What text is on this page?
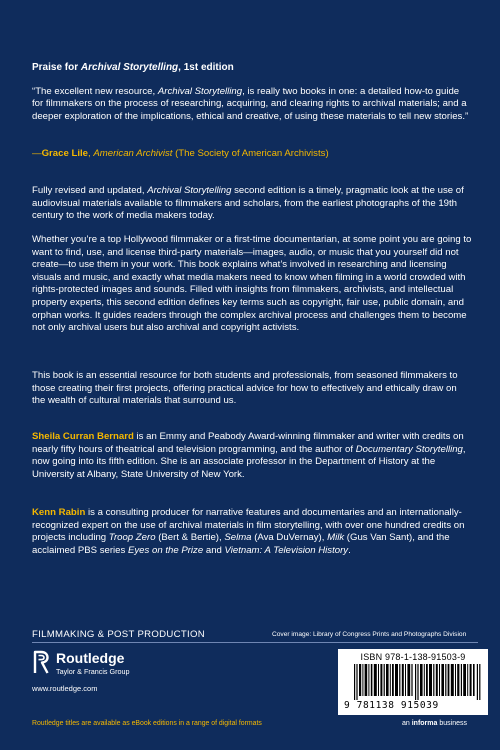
Praise for Archival Storytelling, 1st edition
“The excellent new resource, Archival Storytelling, is really two books in one: a detailed how-to guide for filmmakers on the process of researching, acquiring, and clearing rights to archival materials; and a deeper exploration of the implications, ethical and creative, of using these materials to tell new stories.”
—Grace Lile, American Archivist (The Society of American Archivists)
Fully revised and updated, Archival Storytelling second edition is a timely, pragmatic look at the use of audiovisual materials available to filmmakers and scholars, from the earliest photographs of the 19th century to the work of media makers today.
Whether you’re a top Hollywood filmmaker or a first-time documentarian, at some point you are going to want to find, use, and license third-party materials—images, audio, or music that you yourself did not create—to use them in your work. This book explains what’s involved in researching and licensing visuals and music, and exactly what media makers need to know when filming in a world crowded with rights-protected images and sounds. Filled with insights from filmmakers, archivists, and intellectual property experts, this second edition defines key terms such as copyright, fair use, public domain, and orphan works. It guides readers through the complex archival process and challenges them to become not only archival users but also archival and copyright activists.
This book is an essential resource for both students and professionals, from seasoned filmmakers to those creating their first projects, offering practical advice for how to effectively and ethically draw on the wealth of cultural materials that surround us.
Sheila Curran Bernard is an Emmy and Peabody Award-winning filmmaker and writer with credits on nearly fifty hours of theatrical and television programming, and the author of Documentary Storytelling, now going into its fifth edition. She is an associate professor in the Department of History at the University at Albany, State University of New York.
Kenn Rabin is a consulting producer for narrative features and documentaries and an internationally-recognized expert on the use of archival materials in film storytelling, with over one hundred credits on projects including Troop Zero (Bert & Bertie), Selma (Ava DuVernay), Milk (Gus Van Sant), and the acclaimed PBS series Eyes on the Prize and Vietnam: A Television History.
FILMMAKING & POST PRODUCTION	Cover image: Library of Congress Prints and Photographs Division
Routledge
Taylor & Francis Group
www.routledge.com
Routledge titles are available as eBook editions in a range of digital formats
ISBN 978-1-138-91503-9
9 781138 915039
an informa business
